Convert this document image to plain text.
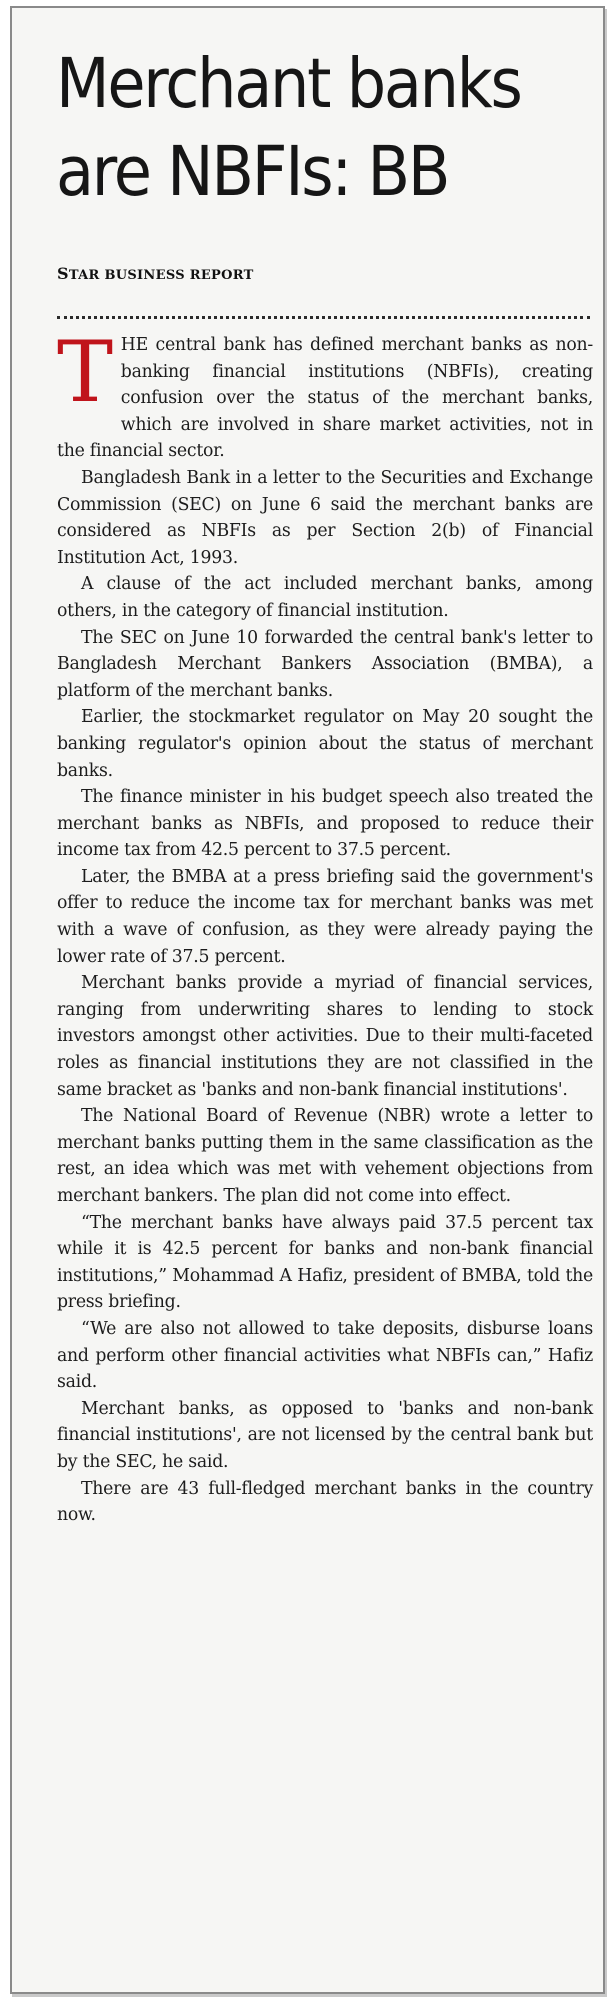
Merchant banks are NBFIs: BB
STAR BUSINESS REPORT

THE central bank has defined merchant banks as non-banking financial institutions (NBFIs), creating confusion over the status of the merchant banks, which are involved in share market activities, not in the financial sector.

Bangladesh Bank in a letter to the Securities and Exchange Commission (SEC) on June 6 said the merchant banks are considered as NBFIs as per Section 2(b) of Financial Institution Act, 1993.

A clause of the act included merchant banks, among others, in the category of financial institution.

The SEC on June 10 forwarded the central bank's letter to Bangladesh Merchant Bankers Association (BMBA), a platform of the merchant banks.

Earlier, the stockmarket regulator on May 20 sought the banking regulator's opinion about the status of merchant banks.

The finance minister in his budget speech also treated the merchant banks as NBFIs, and proposed to reduce their income tax from 42.5 percent to 37.5 percent.

Later, the BMBA at a press briefing said the government's offer to reduce the income tax for merchant banks was met with a wave of confusion, as they were already paying the lower rate of 37.5 percent.

Merchant banks provide a myriad of financial services, ranging from underwriting shares to lending to stock investors amongst other activities. Due to their multi-faceted roles as financial institutions they are not classified in the same bracket as 'banks and non-bank financial institutions'.

The National Board of Revenue (NBR) wrote a letter to merchant banks putting them in the same classification as the rest, an idea which was met with vehement objections from merchant bankers. The plan did not come into effect.

“The merchant banks have always paid 37.5 percent tax while it is 42.5 percent for banks and non-bank financial institutions,” Mohammad A Hafiz, president of BMBA, told the press briefing.

“We are also not allowed to take deposits, disburse loans and perform other financial activities what NBFIs can,” Hafiz said.

Merchant banks, as opposed to 'banks and non-bank financial institutions', are not licensed by the central bank but by the SEC, he said.

There are 43 full-fledged merchant banks in the country now.
